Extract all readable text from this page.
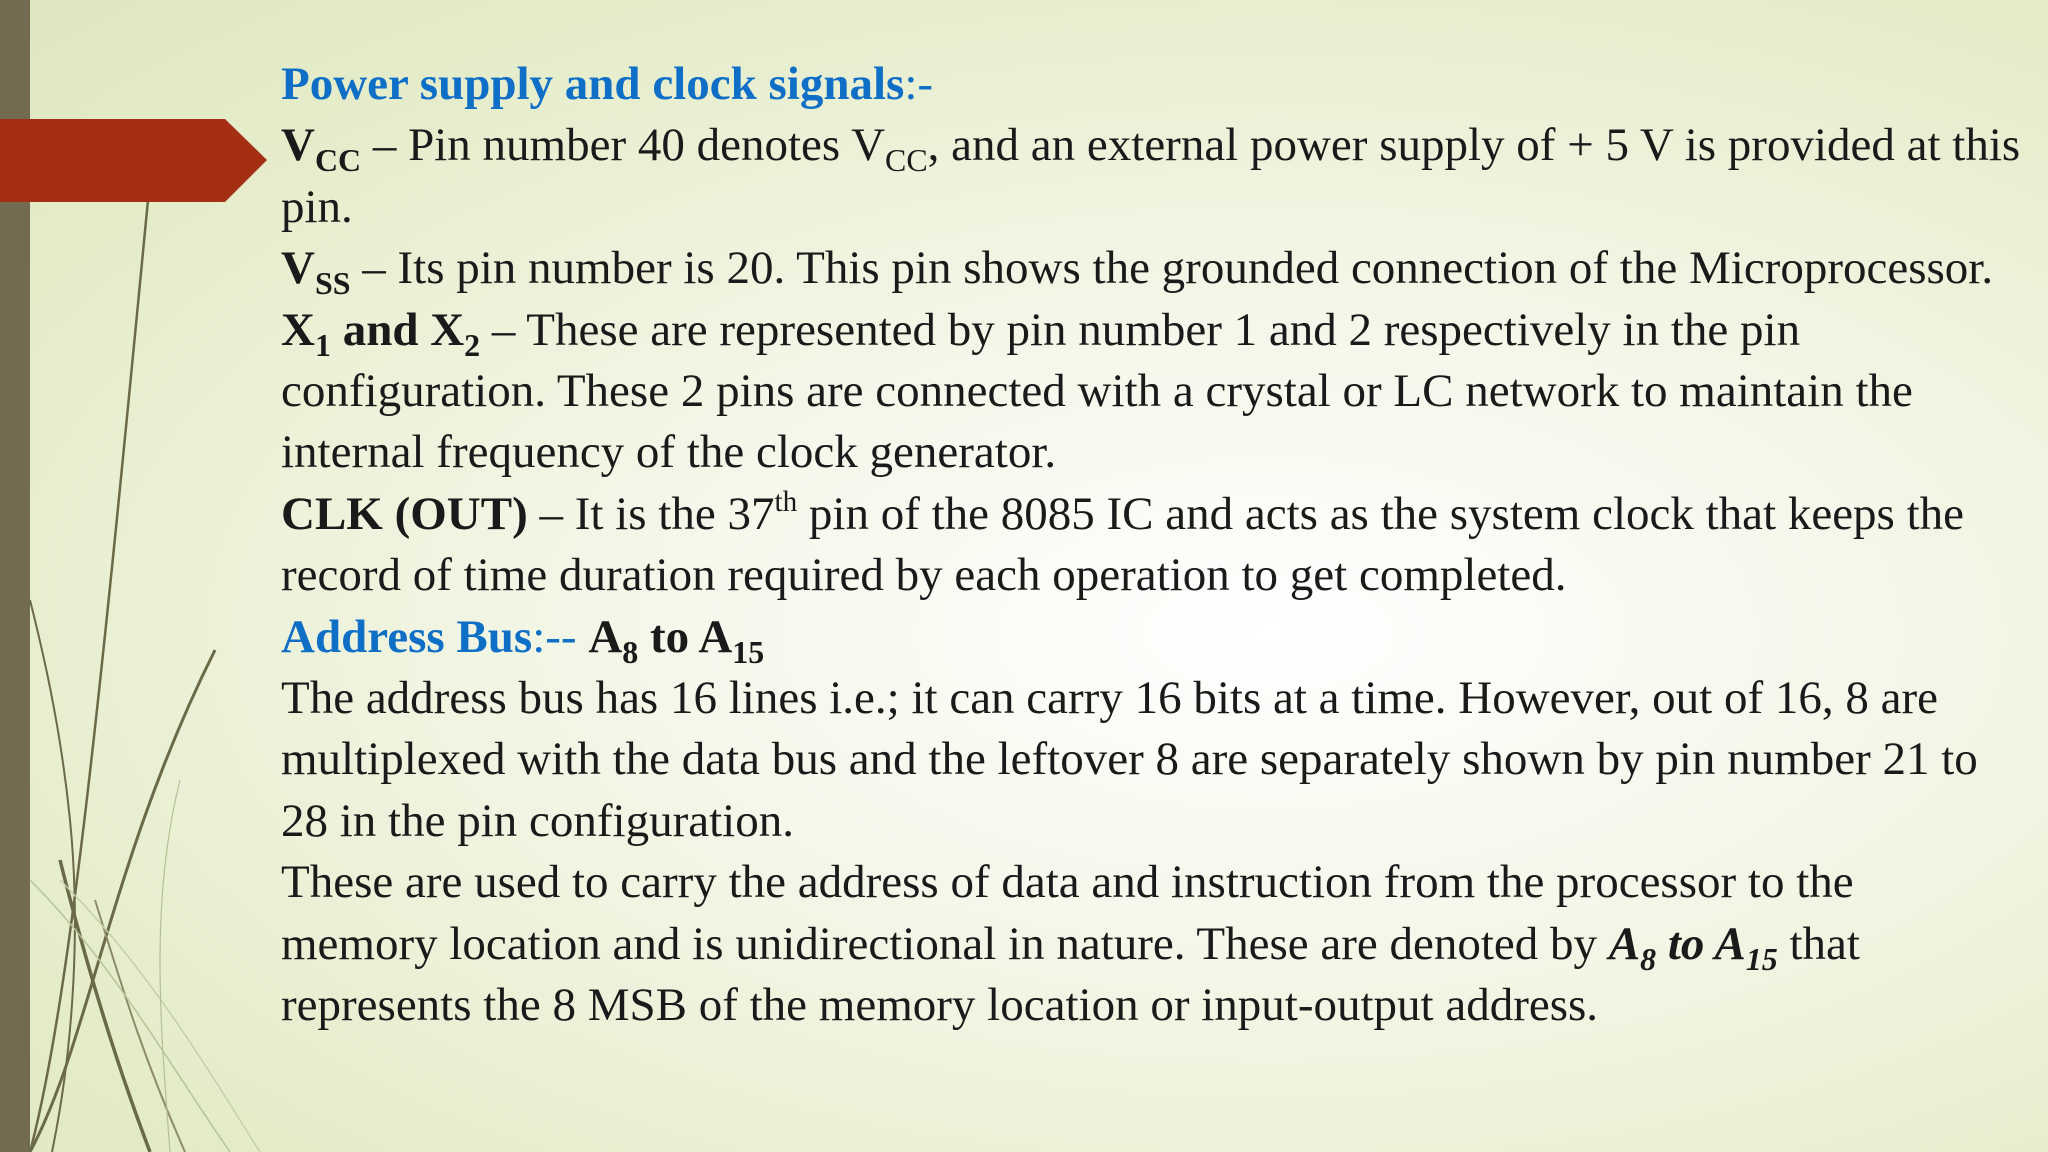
Power supply and clock signals:-

$V_{CC}$ – Pin number 40 denotes $V_{CC}$, and an external power supply of + 5 V is provided at this pin.

$V_{SS}$ – Its pin number is 20. This pin shows the grounded connection of the Microprocessor.

$X_1$ and $X_2$ – These are represented by pin number 1 and 2 respectively in the pin configuration. These 2 pins are connected with a crystal or LC network to maintain the internal frequency of the clock generator.

CLK (OUT) – It is the 37th pin of the 8085 IC and acts as the system clock that keeps the record of time duration required by each operation to get completed.

Address Bus:-- $A_8$ to $A_{15}$

The address bus has 16 lines i.e.; it can carry 16 bits at a time. However, out of 16, 8 are multiplexed with the data bus and the leftover 8 are separately shown by pin number 21 to 28 in the pin configuration.

These are used to carry the address of data and instruction from the processor to the memory location and is unidirectional in nature. These are denoted by $A_8$ to $A_{15}$ that represents the 8 MSB of the memory location or input-output address.
